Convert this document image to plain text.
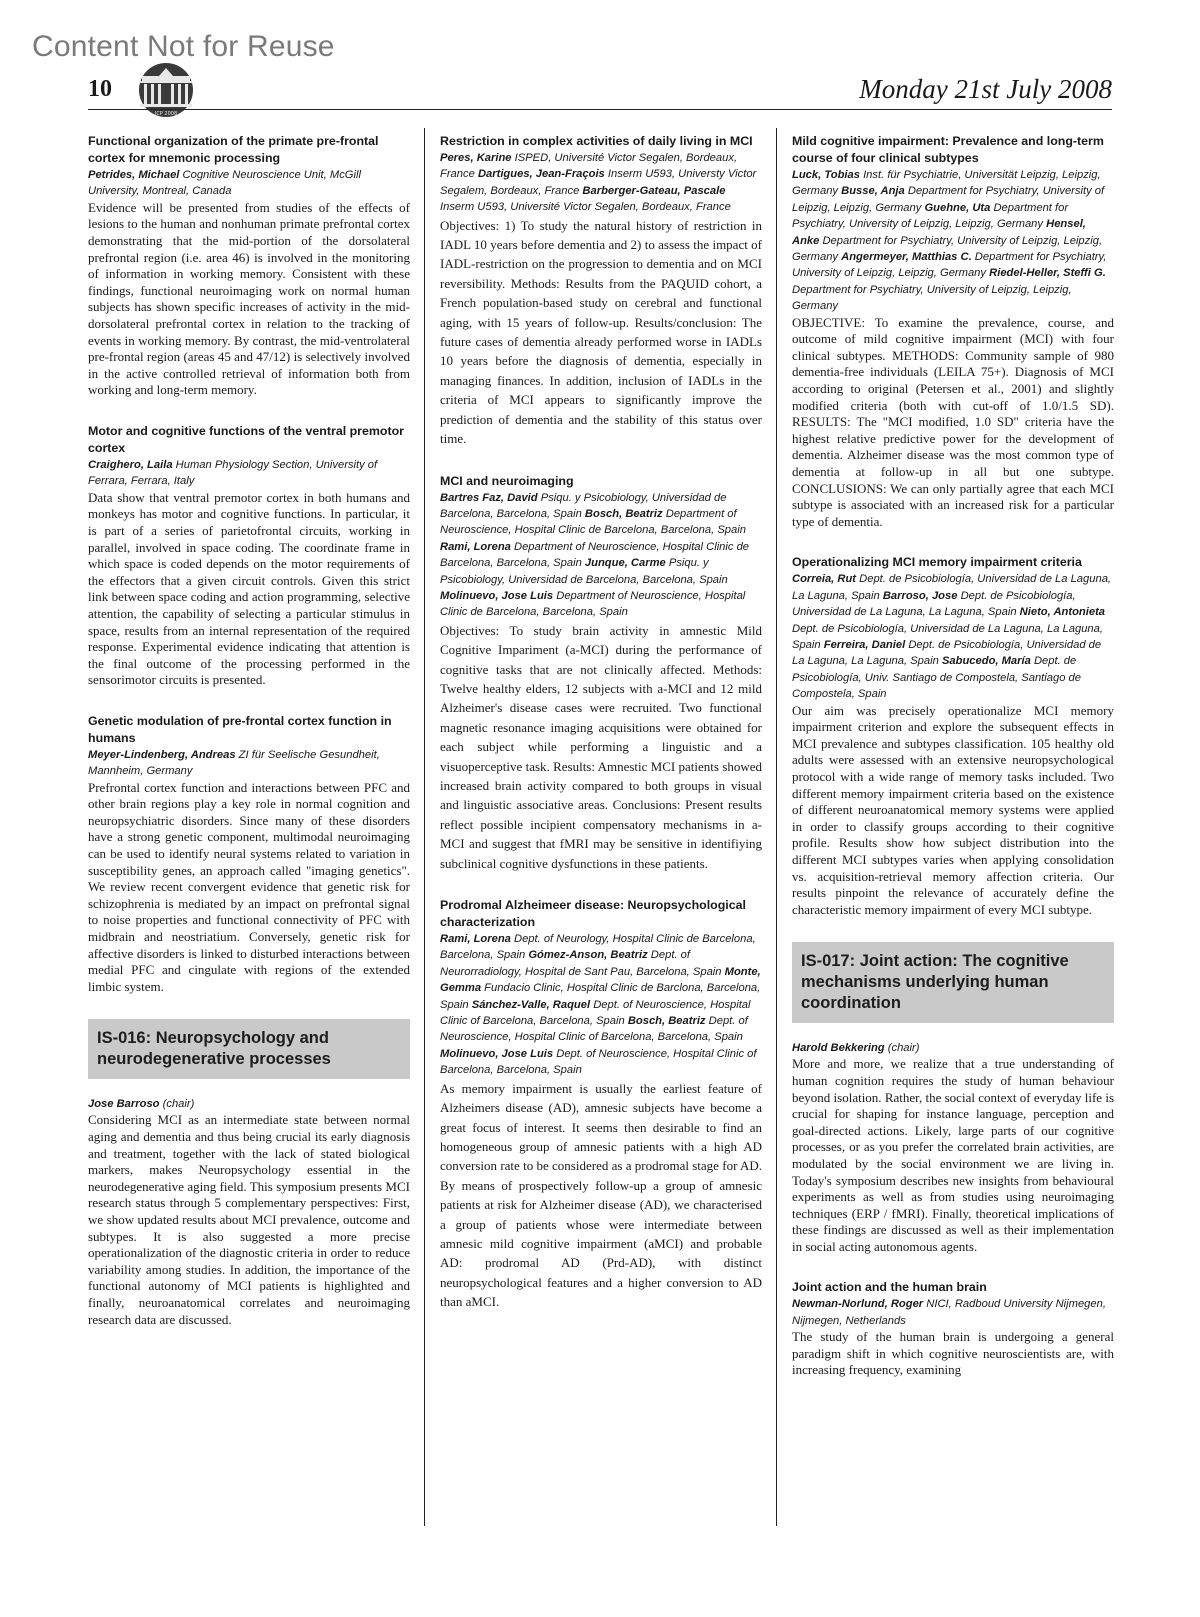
Content Not for Reuse
ICP 2008
10	Monday 21st July 2008

Functional organization of the primate pre-frontal cortex for mnemonic processing

Petrides, Michael Cognitive Neuroscience Unit, McGill University, Montreal, Canada

Evidence will be presented from studies of the effects of lesions to the human and nonhuman primate prefrontal cortex demonstrating that the mid-portion of the dorsolateral prefrontal region (i.e. area 46) is involved in the monitoring of information in working memory. Consistent with these findings, functional neuroimaging work on normal human subjects has shown specific increases of activity in the mid-dorsolateral prefrontal cortex in relation to the tracking of events in working memory. By contrast, the mid-ventrolateral pre-frontal region (areas 45 and 47/12) is selectively involved in the active controlled retrieval of information both from working and long-term memory.

Motor and cognitive functions of the ventral premotor cortex

Craighero, Laila Human Physiology Section, University of Ferrara, Ferrara, Italy

Data show that ventral premotor cortex in both humans and monkeys has motor and cognitive functions. In particular, it is part of a series of parietofrontal circuits, working in parallel, involved in space coding. The coordinate frame in which space is coded depends on the motor requirements of the effectors that a given circuit controls. Given this strict link between space coding and action programming, selective attention, the capability of selecting a particular stimulus in space, results from an internal representation of the required response. Experimental evidence indicating that attention is the final outcome of the processing performed in the sensorimotor circuits is presented.

Genetic modulation of pre-frontal cortex function in humans

Meyer-Lindenberg, Andreas ZI für Seelische Gesundheit, Mannheim, Germany

Prefrontal cortex function and interactions between PFC and other brain regions play a key role in normal cognition and neuropsychiatric disorders. Since many of these disorders have a strong genetic component, multimodal neuroimaging can be used to identify neural systems related to variation in susceptibility genes, an approach called "imaging genetics". We review recent convergent evidence that genetic risk for schizophrenia is mediated by an impact on prefrontal signal to noise properties and functional connectivity of PFC with midbrain and neostriatium. Conversely, genetic risk for affective disorders is linked to disturbed interactions between medial PFC and cingulate with regions of the extended limbic system.

IS-016: Neuropsychology and neurodegenerative processes

Jose Barroso (chair)

Considering MCI as an intermediate state between normal aging and dementia and thus being crucial its early diagnosis and treatment, together with the lack of stated biological markers, makes Neuropsychology essential in the neurodegenerative aging field. This symposium presents MCI research status through 5 complementary perspectives: First, we show updated results about MCI prevalence, outcome and subtypes. It is also suggested a more precise operationalization of the diagnostic criteria in order to reduce variability among studies. In addition, the importance of the functional autonomy of MCI patients is highlighted and finally, neuroanatomical correlates and neuroimaging research data are discussed.

Restriction in complex activities of daily living in MCI

Peres, Karine ISPED, Université Victor Segalen, Bordeaux, France Dartigues, Jean-Fraçois Inserm U593, Universty Victor Segalem, Bordeaux, France Barberger-Gateau, Pascale Inserm U593, Université Victor Segalen, Bordeaux, France

Objectives: 1) To study the natural history of restriction in IADL 10 years before dementia and 2) to assess the impact of IADL-restriction on the progression to dementia and on MCI reversibility. Methods: Results from the PAQUID cohort, a French population-based study on cerebral and functional aging, with 15 years of follow-up. Results/conclusion: The future cases of dementia already performed worse in IADLs 10 years before the diagnosis of dementia, especially in managing finances. In addition, inclusion of IADLs in the criteria of MCI appears to significantly improve the prediction of dementia and the stability of this status over time.

MCI and neuroimaging

Bartres Faz, David Psiqu. y Psicobiology, Universidad de Barcelona, Barcelona, Spain Bosch, Beatriz Department of Neuroscience, Hospital Clinic de Barcelona, Barcelona, Spain Rami, Lorena Department of Neuroscience, Hospital Clinic de Barcelona, Barcelona, Spain Junque, Carme Psiqu. y Psicobiology, Universidad de Barcelona, Barcelona, Spain Molinuevo, Jose Luis Department of Neuroscience, Hospital Clinic de Barcelona, Barcelona, Spain

Objectives: To study brain activity in amnestic Mild Cognitive Impariment (a-MCI) during the performance of cognitive tasks that are not clinically affected. Methods: Twelve healthy elders, 12 subjects with a-MCI and 12 mild Alzheimer's disease cases were recruited. Two functional magnetic resonance imaging acquisitions were obtained for each subject while performing a linguistic and a visuoperceptive task. Results: Amnestic MCI patients showed increased brain activity compared to both groups in visual and linguistic associative areas. Conclusions: Present results reflect possible incipient compensatory mechanisms in a-MCI and suggest that fMRI may be sensitive in identifiying subclinical cognitive dysfunctions in these patients.

Prodromal Alzheimeer disease: Neuropsychological characterization

Rami, Lorena Dept. of Neurology, Hospital Clinic de Barcelona, Barcelona, Spain Gómez-Anson, Beatriz Dept. of Neurorradiology, Hospital de Sant Pau, Barcelona, Spain Monte, Gemma Fundacio Clinic, Hospital Clinic de Barclona, Barcelona, Spain Sánchez-Valle, Raquel Dept. of Neuroscience, Hospital Clinic of Barcelona, Barcelona, Spain Bosch, Beatriz Dept. of Neuroscience, Hospital Clinic of Barcelona, Barcelona, Spain Molinuevo, Jose Luis Dept. of Neuroscience, Hospital Clinic of Barcelona, Barcelona, Spain

As memory impairment is usually the earliest feature of Alzheimers disease (AD), amnesic subjects have become a great focus of interest. It seems then desirable to find an homogeneous group of amnesic patients with a high AD conversion rate to be considered as a prodromal stage for AD. By means of prospectively follow-up a group of amnesic patients at risk for Alzheimer disease (AD), we characterised a group of patients whose were intermediate between amnesic mild cognitive impairment (aMCI) and probable AD: prodromal AD (Prd-AD), with distinct neuropsychological features and a higher conversion to AD than aMCI.

Mild cognitive impairment: Prevalence and long-term course of four clinical subtypes

Luck, Tobias Inst. für Psychiatrie, Universität Leipzig, Leipzig, Germany Busse, Anja Department for Psychiatry, University of Leipzig, Leipzig, Germany Guehne, Uta Department for Psychiatry, University of Leipzig, Leipzig, Germany Hensel, Anke Department for Psychiatry, University of Leipzig, Leipzig, Germany Angermeyer, Matthias C. Department for Psychiatry, University of Leipzig, Leipzig, Germany Riedel-Heller, Steffi G. Department for Psychiatry, University of Leipzig, Leipzig, Germany

OBJECTIVE: To examine the prevalence, course, and outcome of mild cognitive impairment (MCI) with four clinical subtypes. METHODS: Community sample of 980 dementia-free individuals (LEILA 75+). Diagnosis of MCI according to original (Petersen et al., 2001) and slightly modified criteria (both with cut-off of 1.0/1.5 SD). RESULTS: The "MCI modified, 1.0 SD" criteria have the highest relative predictive power for the development of dementia. Alzheimer disease was the most common type of dementia at follow-up in all but one subtype. CONCLUSIONS: We can only partially agree that each MCI subtype is associated with an increased risk for a particular type of dementia.

Operationalizing MCI memory impairment criteria

Correia, Rut Dept. de Psicobiología, Universidad de La Laguna, La Laguna, Spain Barroso, Jose Dept. de Psicobiología, Universidad de La Laguna, La Laguna, Spain Nieto, Antonieta Dept. de Psicobiología, Universidad de La Laguna, La Laguna, Spain Ferreira, Daniel Dept. de Psicobiología, Universidad de La Laguna, La Laguna, Spain Sabucedo, María Dept. de Psicobiología, Univ. Santiago de Compostela, Santiago de Compostela, Spain

Our aim was precisely operationalize MCI memory impairment criterion and explore the subsequent effects in MCI prevalence and subtypes classification. 105 healthy old adults were assessed with an extensive neuropsychological protocol with a wide range of memory tasks included. Two different memory impairment criteria based on the existence of different neuroanatomical memory systems were applied in order to classify groups according to their cognitive profile. Results show how subject distribution into the different MCI subtypes varies when applying consolidation vs. acquisition-retrieval memory affection criteria. Our results pinpoint the relevance of accurately define the characteristic memory impairment of every MCI subtype.

IS-017: Joint action: The cognitive mechanisms underlying human coordination

Harold Bekkering (chair)

More and more, we realize that a true understanding of human cognition requires the study of human behaviour beyond isolation. Rather, the social context of everyday life is crucial for shaping for instance language, perception and goal-directed actions. Likely, large parts of our cognitive processes, or as you prefer the correlated brain activities, are modulated by the social environment we are living in. Today's symposium describes new insights from behavioural experiments as well as from studies using neuroimaging techniques (ERP / fMRI). Finally, theoretical implications of these findings are discussed as well as their implementation in social acting autonomous agents.

Joint action and the human brain

Newman-Norlund, Roger NICI, Radboud University Nijmegen, Nijmegen, Netherlands

The study of the human brain is undergoing a general paradigm shift in which cognitive neuroscientists are, with increasing frequency, examining
